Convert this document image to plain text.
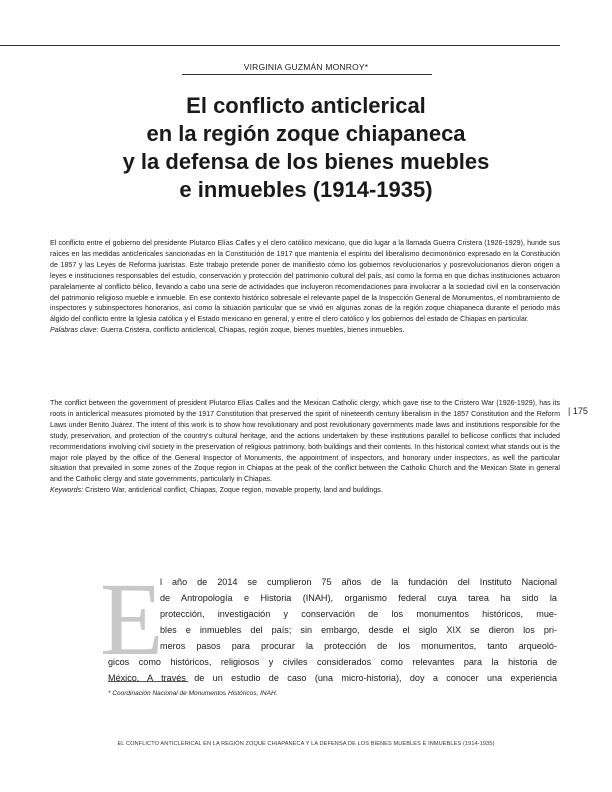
VIRGINIA GUZMÁN MONROY*
El conflicto anticlerical
en la región zoque chiapaneca
y la defensa de los bienes muebles
e inmuebles (1914-1935)
El conflicto entre el gobierno del presidente Plutarco Elías Calles y el clero católico mexicano, que dio lugar a la llamada Guerra Cristera (1926-1929), hunde sus raíces en las medidas anticlericales sancionadas en la Constitución de 1917 que mantenía el espíritu del liberalismo decimonónico expresado en la Constitución de 1857 y las Leyes de Reforma juaristas. Este trabajo pretende poner de manifiesto cómo los gobiernos revolucionarios y posrevolucionarios dieron origen a leyes e instituciones responsables del estudio, conservación y protección del patrimonio cultural del país, así como la forma en que dichas instituciones actuaron paralelamente al conflicto bélico, llevando a cabo una serie de actividades que incluyeron recomendaciones para involucrar a la sociedad civil en la conservación del patrimonio religioso mueble e inmueble. En ese contexto histórico sobresale el relevante papel de la Inspección General de Monumentos, el nombramiento de inspectores y subinspectores honorarios, así como la situación particular que se vivió en algunas zonas de la región zoque chiapaneca durante el periodo más álgido del conflicto entre la Iglesia católica y el Estado mexicano en general, y entre el clero católico y los gobiernos del estado de Chiapas en particular.
Palabras clave: Guerra Cristera, conflicto anticlerical, Chiapas, región zoque, bienes muebles, bienes inmuebles.
| 175
The conflict between the government of president Plutarco Elías Calles and the Mexican Catholic clergy, which gave rise to the Cristero War (1926-1929), has its roots in anticlerical measures promoted by the 1917 Constitution that preserved the spirit of nineteenth century liberalism in the 1857 Constitution and the Reform Laws under Benito Juárez. The intent of this work is to show how revolutionary and post revolutionary governments made laws and institutions responsible for the study, preservation, and protection of the country's cultural heritage, and the actions undertaken by these institutions parallel to bellicose conflicts that included recommendations involving civil society in the preservation of religious patrimony, both buildings and their contents. In this historical context what stands out is the major role played by the office of the General Inspector of Monuments, the appointment of inspectors, and honorary under inspectors, as well the particular situation that prevailed in some zones of the Zoque region in Chiapas at the peak of the conflict between the Catholic Church and the Mexican State in general and the Catholic clergy and state governments, particularly in Chiapas.
Keywords: Cristero War, anticlerical conflict, Chiapas, Zoque region, movable property, land and buildings.
E
l año de 2014 se cumplieron 75 años de la fundación del Instituto Nacional
de Antropología e Historia (INAH), organismo federal cuya tarea ha sido la
protección, investigación y conservación de los monumentos históricos, mue-
bles e inmuebles del país; sin embargo, desde el siglo XIX se dieron los pri-
meros pasos para procurar la protección de los monumentos, tanto arqueoló-
gicos como históricos, religiosos y civiles considerados como relevantes para la historia de
México. A través de un estudio de caso (una micro-historia), doy a conocer una experiencia
* Coordinación Nacional de Monumentos Históricos, INAH.
EL CONFLICTO ANTICLERICAL EN LA REGIÓN ZOQUE CHIAPANECA Y LA DEFENSA DE LOS BIENES MUEBLES E INMUEBLES (1914-1935)
